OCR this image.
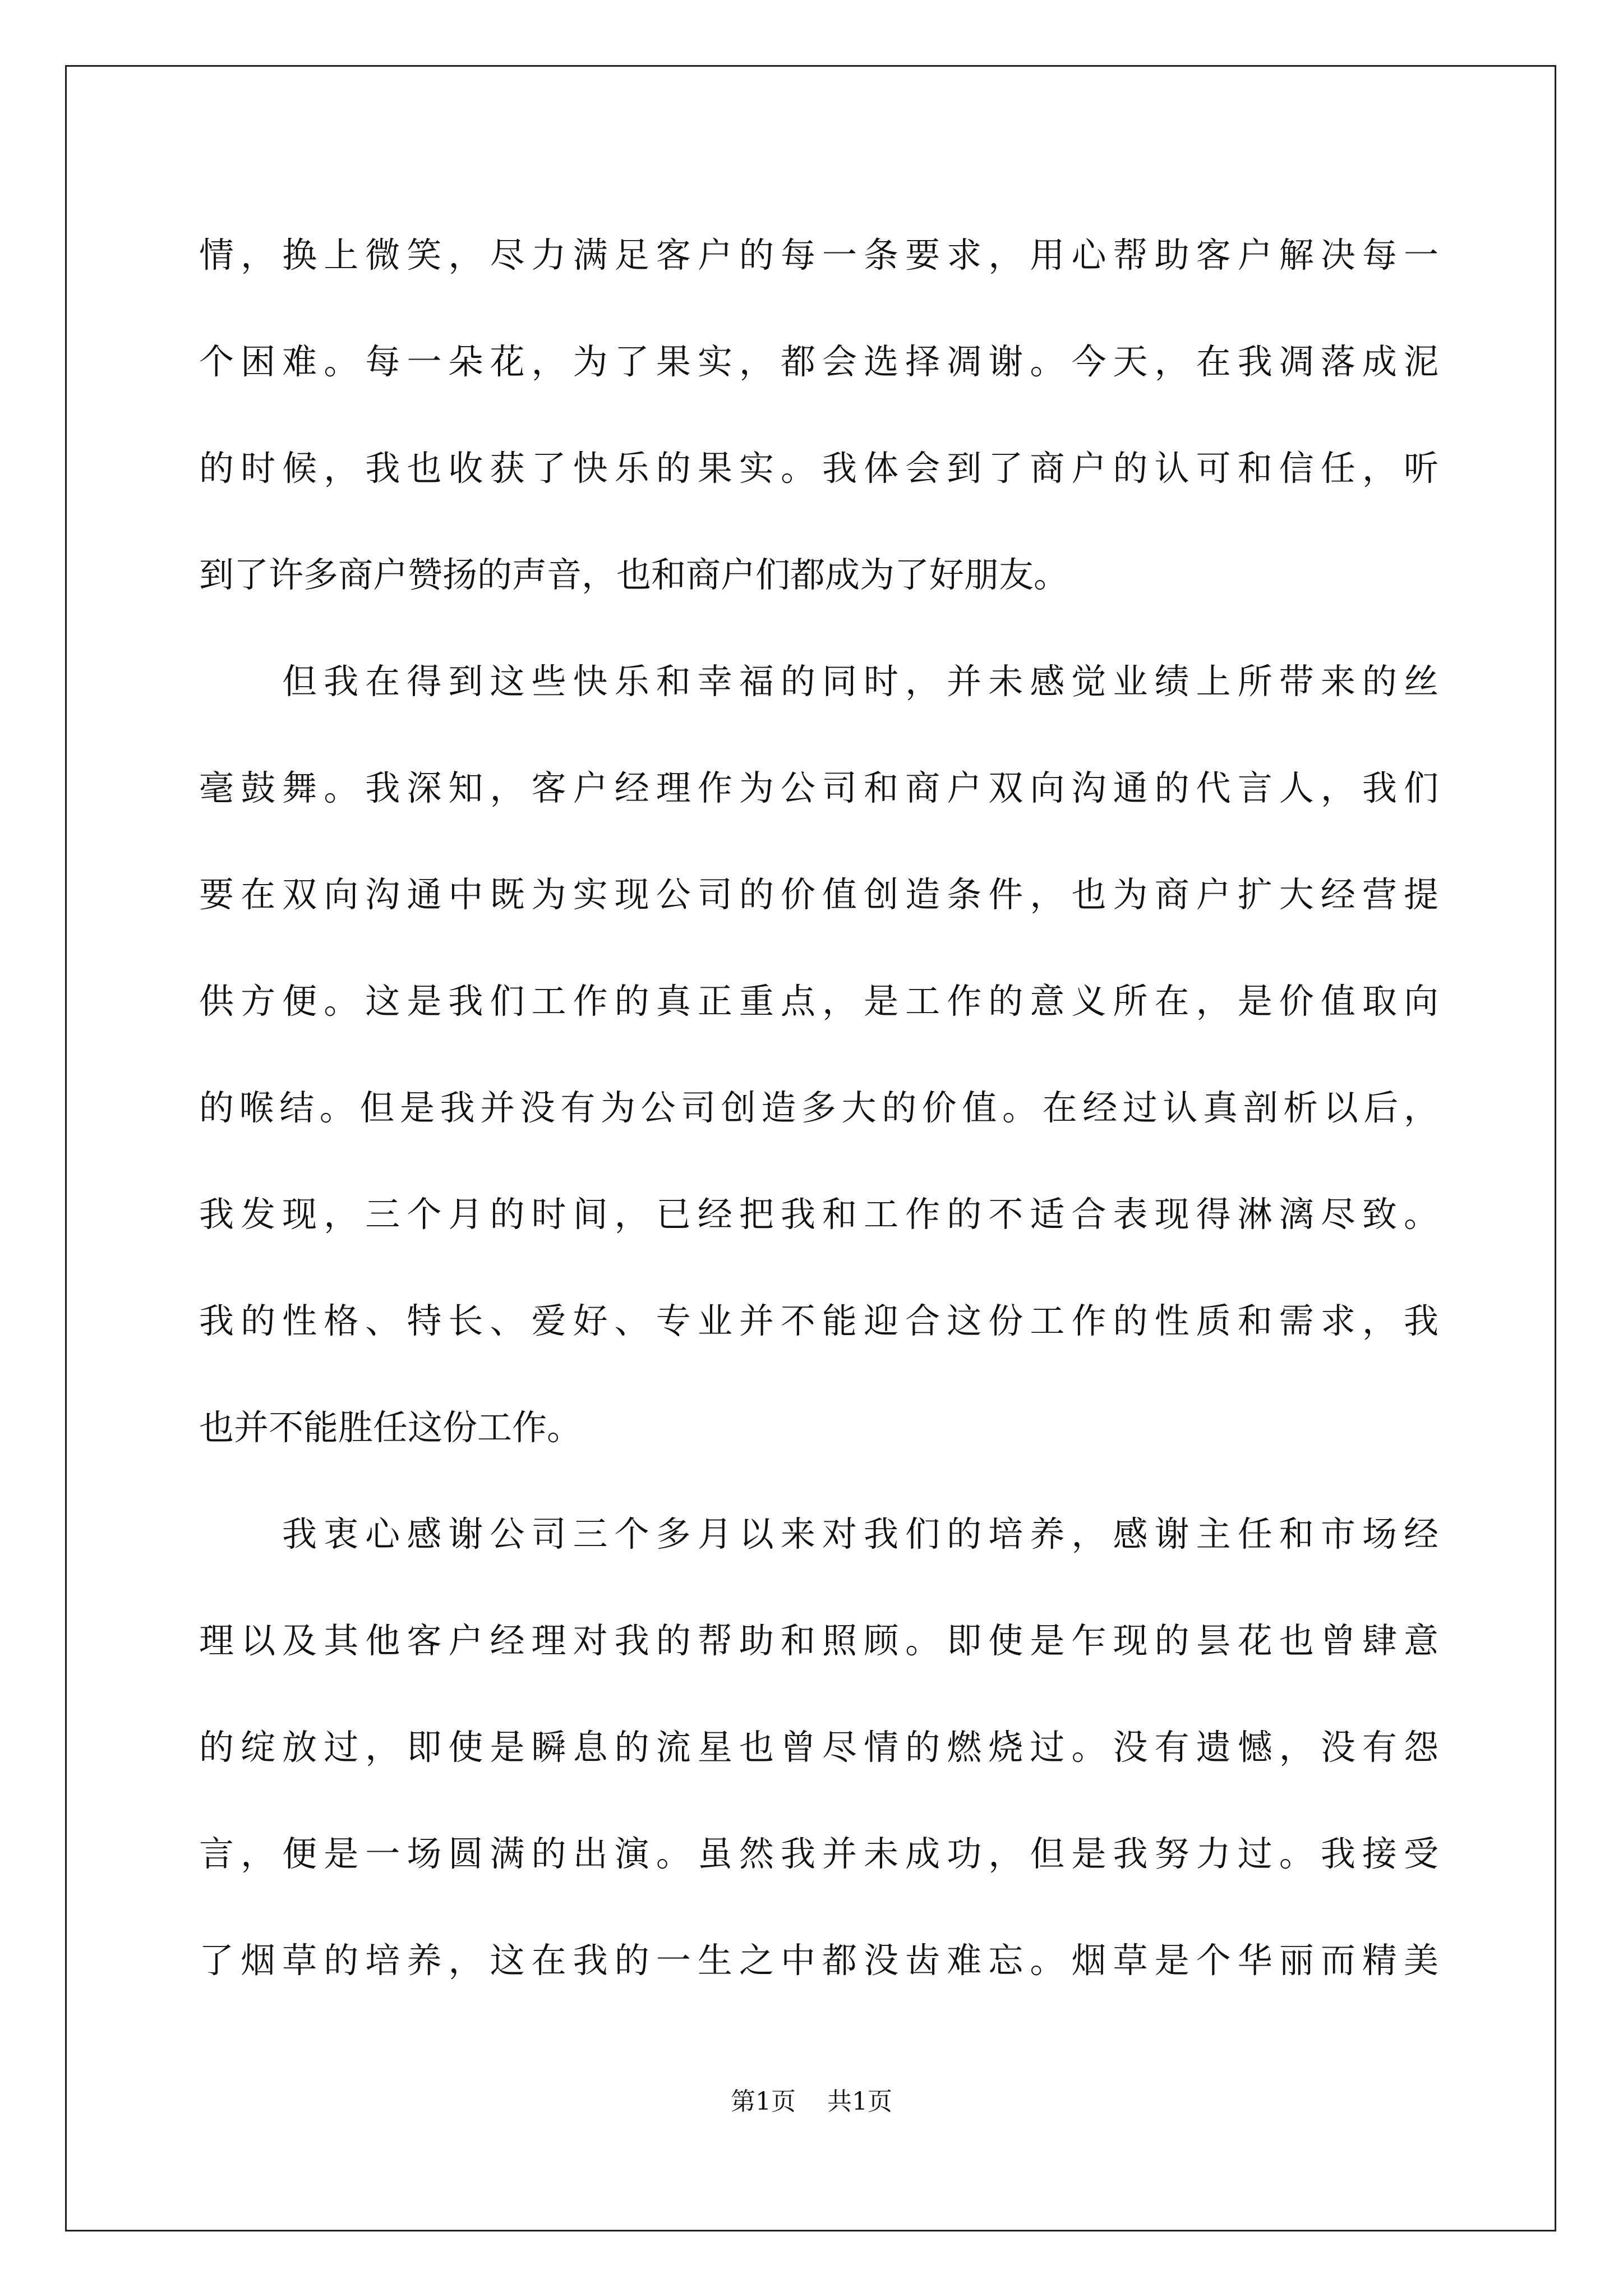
情，换上微笑，尽力满足客户的每一条要求，用心帮助客户解决每一
个困难。每一朵花，为了果实，都会选择凋谢。今天，在我凋落成泥
的时候，我也收获了快乐的果实。我体会到了商户的认可和信任，听
到了许多商户赞扬的声音，也和商户们都成为了好朋友。
但我在得到这些快乐和幸福的同时，并未感觉业绩上所带来的丝
毫鼓舞。我深知，客户经理作为公司和商户双向沟通的代言人，我们
要在双向沟通中既为实现公司的价值创造条件，也为商户扩大经营提
供方便。这是我们工作的真正重点，是工作的意义所在，是价值取向
的喉结。但是我并没有为公司创造多大的价值。在经过认真剖析以后，
我发现，三个月的时间，已经把我和工作的不适合表现得淋漓尽致。
我的性格、特长、爱好、专业并不能迎合这份工作的性质和需求，我
也并不能胜任这份工作。
我衷心感谢公司三个多月以来对我们的培养，感谢主任和市场经
理以及其他客户经理对我的帮助和照顾。即使是乍现的昙花也曾肆意
的绽放过，即使是瞬息的流星也曾尽情的燃烧过。没有遗憾，没有怨
言，便是一场圆满的出演。虽然我并未成功，但是我努力过。我接受
了烟草的培养，这在我的一生之中都没齿难忘。烟草是个华丽而精美
第1页 共1页
